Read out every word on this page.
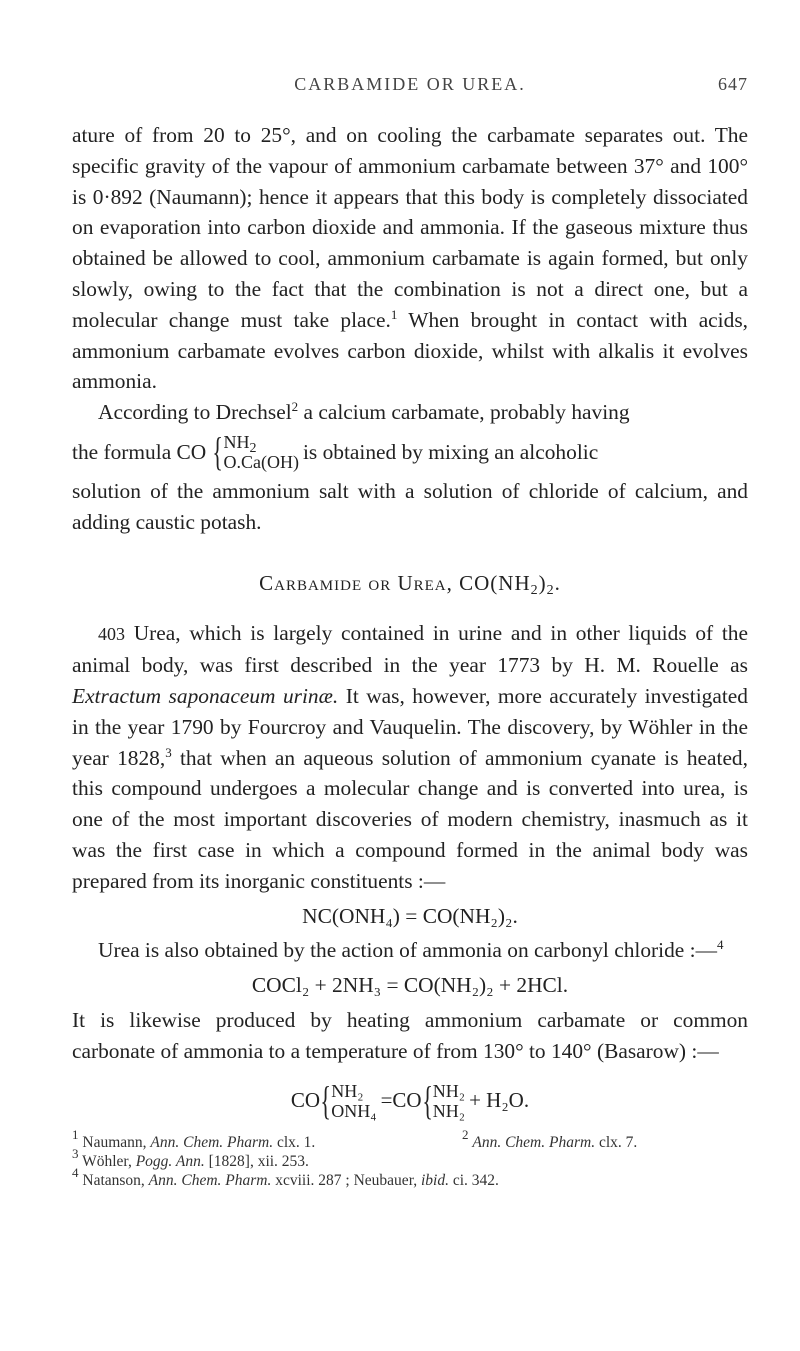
CARBAMIDE OR UREA.	647

ature of from 20 to 25°, and on cooling the carbamate separates out. The specific gravity of the vapour of ammonium carbamate between 37° and 100° is 0·892 (Naumann); hence it appears that this body is completely dissociated on evaporation into carbon dioxide and ammonia. If the gaseous mixture thus obtained be allowed to cool, ammonium carbamate is again formed, but only slowly, owing to the fact that the combination is not a direct one, but a molecular change must take place.$^1$ When brought in contact with acids, ammonium carbamate evolves carbon dioxide, whilst with alkalis it evolves ammonia.

According to Drechsel$^2$ a calcium carbamate, probably having

the formula CO { $NH_2$
O.Ca(OH) is obtained by mixing an alcoholic

solution of the ammonium salt with a solution of chloride of calcium, and adding caustic potash.

Carbamide or Urea, $CO(NH_2)_2$.

403 Urea, which is largely contained in urine and in other liquids of the animal body, was first described in the year 1773 by H. M. Rouelle as Extractum saponaceum urinæ. It was, however, more accurately investigated in the year 1790 by Fourcroy and Vauquelin. The discovery, by Wöhler in the year 1828,$^3$ that when an aqueous solution of ammonium cyanate is heated, this compound undergoes a molecular change and is converted into urea, is one of the most important discoveries of modern chemistry, inasmuch as it was the first case in which a compound formed in the animal body was prepared from its inorganic constituents :—

NC(ONH₄) = CO(NH₂)₂.

Urea is also obtained by the action of ammonia on carbonyl chloride :—$^4$

COCl₂ + 2NH₃ = CO(NH₂)₂ + 2HCl.

It is likewise produced by heating ammonium carbamate or common carbonate of ammonia to a temperature of from 130° to 140° (Basarow) :—

CO { NH₂
ONH₄ =CO { NH₂
NH₂ + H₂O.
$^1$ Naumann, Ann. Chem. Pharm. clx. 1.	$^2$ Ann. Chem. Pharm. clx. 7.
$^3$ Wöhler, Pogg. Ann. [1828], xii. 253.
$^4$ Natanson, Ann. Chem. Pharm. xcviii. 287 ; Neubauer, ibid. ci. 342.
